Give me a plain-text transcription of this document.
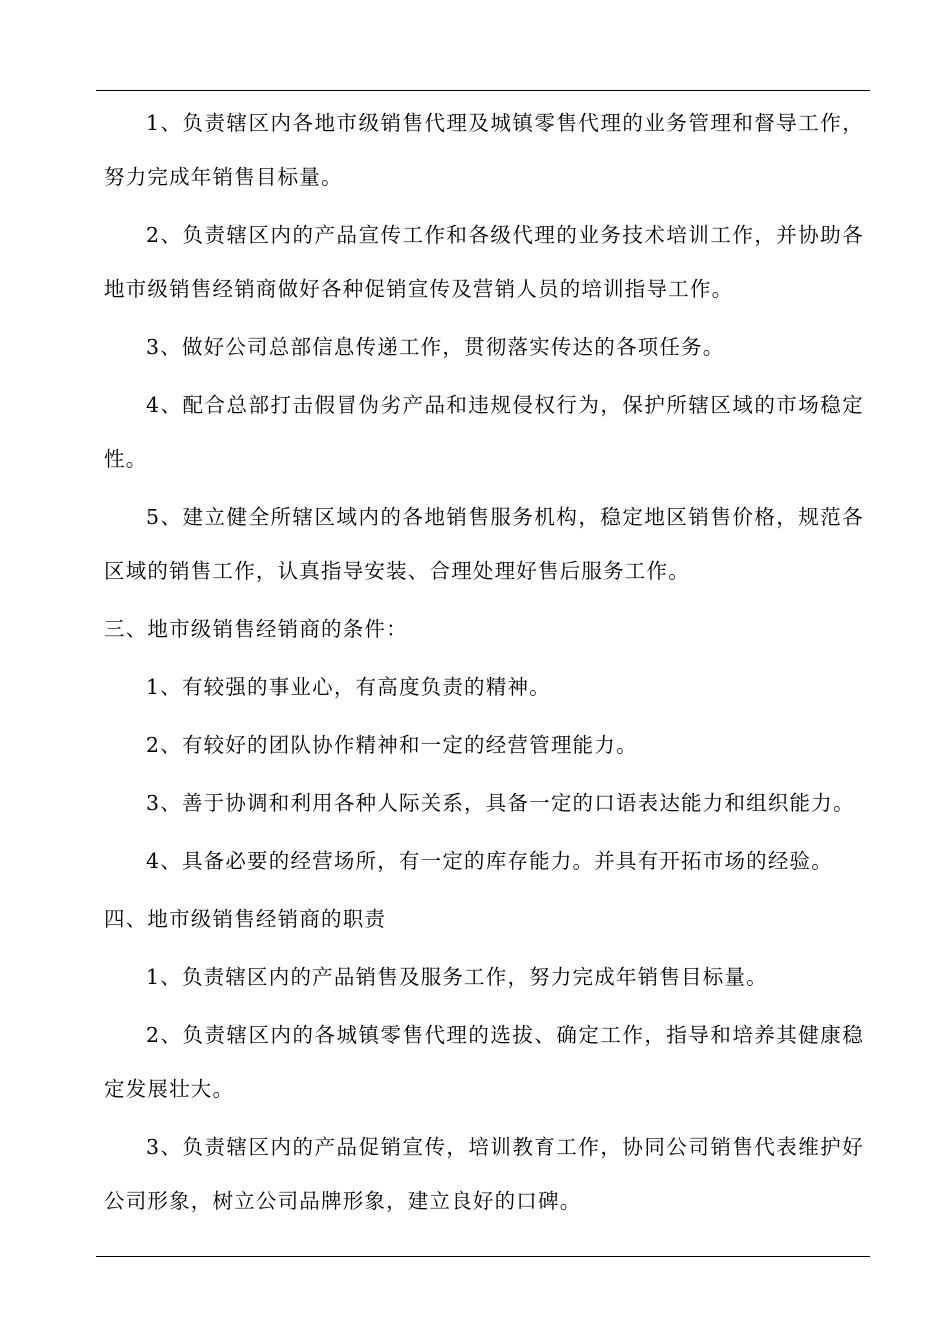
1、负责辖区内各地市级销售代理及城镇零售代理的业务管理和督导工作，努力完成年销售目标量。

2、负责辖区内的产品宣传工作和各级代理的业务技术培训工作，并协助各地市级销售经销商做好各种促销宣传及营销人员的培训指导工作。

3、做好公司总部信息传递工作，贯彻落实传达的各项任务。

4、配合总部打击假冒伪劣产品和违规侵权行为，保护所辖区域的市场稳定性。

5、建立健全所辖区域内的各地销售服务机构，稳定地区销售价格，规范各区域的销售工作，认真指导安装、合理处理好售后服务工作。

三、地市级销售经销商的条件：

1、有较强的事业心，有高度负责的精神。

2、有较好的团队协作精神和一定的经营管理能力。

3、善于协调和利用各种人际关系，具备一定的口语表达能力和组织能力。

4、具备必要的经营场所，有一定的库存能力。并具有开拓市场的经验。

四、地市级销售经销商的职责

1、负责辖区内的产品销售及服务工作，努力完成年销售目标量。

2、负责辖区内的各城镇零售代理的选拔、确定工作，指导和培养其健康稳定发展壮大。

3、负责辖区内的产品促销宣传，培训教育工作，协同公司销售代表维护好公司形象，树立公司品牌形象，建立良好的口碑。
